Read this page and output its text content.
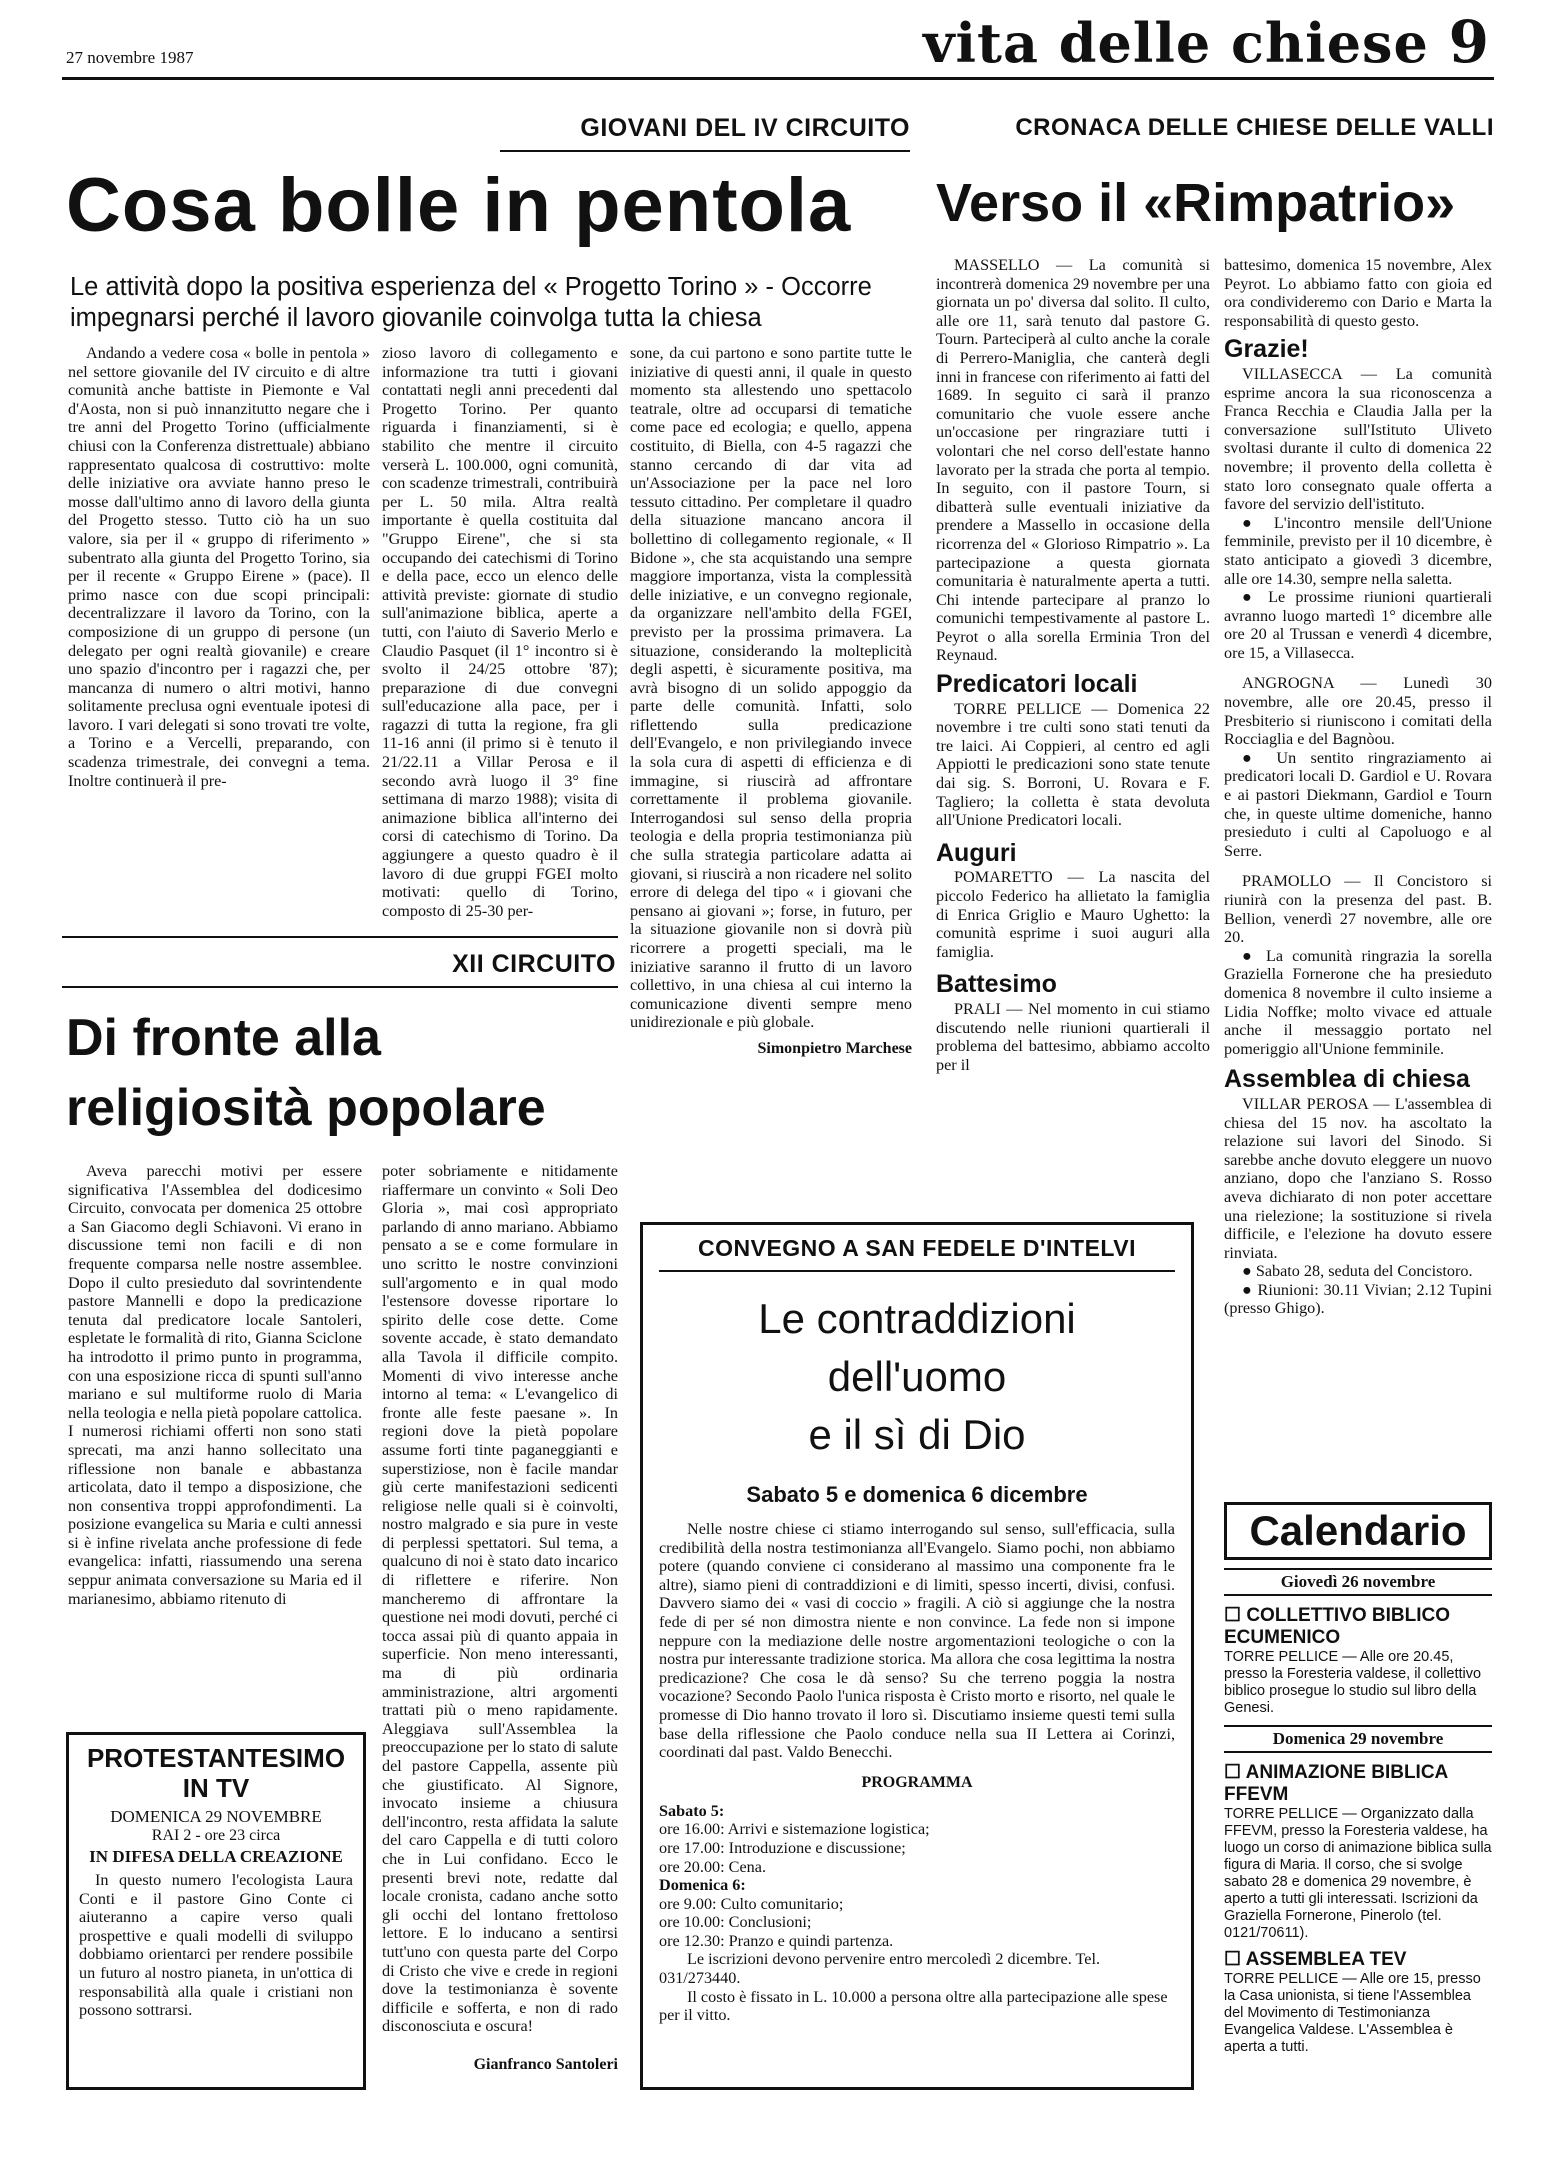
27 novembre 1987	vita delle chiese 9
GIOVANI DEL IV CIRCUITO
Cosa bolle in pentola
Le attività dopo la positiva esperienza del « Progetto Torino » - Occorre impegnarsi perché il lavoro giovanile coinvolga tutta la chiesa

Andando a vedere cosa « bolle in pentola » nel settore giovanile del IV circuito e di altre comunità anche battiste in Piemonte e Val d'Aosta, non si può innanzitutto negare che i tre anni del Progetto Torino (ufficialmente chiusi con la Conferenza distrettuale) abbiano rappresentato qualcosa di costruttivo: molte delle iniziative ora avviate hanno preso le mosse dall'ultimo anno di lavoro della giunta del Progetto stesso. Tutto ciò ha un suo valore, sia per il « gruppo di riferimento » subentrato alla giunta del Progetto Torino, sia per il recente « Gruppo Eirene » (pace). Il primo nasce con due scopi principali: decentralizzare il lavoro da Torino, con la composizione di un gruppo di persone (un delegato per ogni realtà giovanile) e creare uno spazio d'incontro per i ragazzi che, per mancanza di numero o altri motivi, hanno solitamente preclusa ogni eventuale ipotesi di lavoro. I vari delegati si sono trovati tre volte, a Torino e a Vercelli, preparando, con scadenza trimestrale, dei convegni a tema. Inoltre continuerà il pre-

zioso lavoro di collegamento e informazione tra tutti i giovani contattati negli anni precedenti dal Progetto Torino. Per quanto riguarda i finanziamenti, si è stabilito che mentre il circuito verserà L. 100.000, ogni comunità, con scadenze trimestrali, contribuirà per L. 50 mila. Altra realtà importante è quella costituita dal "Gruppo Eirene", che si sta occupando dei catechismi di Torino e della pace, ecco un elenco delle attività previste: giornate di studio sull'animazione biblica, aperte a tutti, con l'aiuto di Saverio Merlo e Claudio Pasquet (il 1° incontro si è svolto il 24/25 ottobre '87); preparazione di due convegni sull'educazione alla pace, per i ragazzi di tutta la regione, fra gli 11-16 anni (il primo si è tenuto il 21/22.11 a Villar Perosa e il secondo avrà luogo il 3° fine settimana di marzo 1988); visita di animazione biblica all'interno dei corsi di catechismo di Torino. Da aggiungere a questo quadro è il lavoro di due gruppi FGEI molto motivati: quello di Torino, composto di 25-30 per-

sone, da cui partono e sono partite tutte le iniziative di questi anni, il quale in questo momento sta allestendo uno spettacolo teatrale, oltre ad occuparsi di tematiche come pace ed ecologia; e quello, appena costituito, di Biella, con 4-5 ragazzi che stanno cercando di dar vita ad un'Associazione per la pace nel loro tessuto cittadino. Per completare il quadro della situazione mancano ancora il bollettino di collegamento regionale, « Il Bidone », che sta acquistando una sempre maggiore importanza, vista la complessità delle iniziative, e un convegno regionale, da organizzare nell'ambito della FGEI, previsto per la prossima primavera. La situazione, considerando la molteplicità degli aspetti, è sicuramente positiva, ma avrà bisogno di un solido appoggio da parte delle comunità. Infatti, solo riflettendo sulla predicazione dell'Evangelo, e non privilegiando invece la sola cura di aspetti di efficienza e di immagine, si riuscirà ad affrontare correttamente il problema giovanile. Interrogandosi sul senso della propria teologia e della propria testimonianza più che sulla strategia particolare adatta ai giovani, si riuscirà a non ricadere nel solito errore di delega del tipo « i giovani che pensano ai giovani »; forse, in futuro, per la situazione giovanile non si dovrà più ricorrere a progetti speciali, ma le iniziative saranno il frutto di un lavoro collettivo, in una chiesa al cui interno la comunicazione diventi sempre meno unidirezionale e più globale.

Simonpietro Marchese
XII CIRCUITO
Di fronte alla
religiosità popolare

Aveva parecchi motivi per essere significativa l'Assemblea del dodicesimo Circuito, convocata per domenica 25 ottobre a San Giacomo degli Schiavoni. Vi erano in discussione temi non facili e di non frequente comparsa nelle nostre assemblee. Dopo il culto presieduto dal sovrintendente pastore Mannelli e dopo la predicazione tenuta dal predicatore locale Santoleri, espletate le formalità di rito, Gianna Sciclone ha introdotto il primo punto in programma, con una esposizione ricca di spunti sull'anno mariano e sul multiforme ruolo di Maria nella teologia e nella pietà popolare cattolica. I numerosi richiami offerti non sono stati sprecati, ma anzi hanno sollecitato una riflessione non banale e abbastanza articolata, dato il tempo a disposizione, che non consentiva troppi approfondimenti. La posizione evangelica su Maria e culti annessi si è infine rivelata anche professione di fede evangelica: infatti, riassumendo una serena seppur animata conversazione su Maria ed il marianesimo, abbiamo ritenuto di

poter sobriamente e nitidamente riaffermare un convinto « Soli Deo Gloria », mai così appropriato parlando di anno mariano. Abbiamo pensato a se e come formulare in uno scritto le nostre convinzioni sull'argomento e in qual modo l'estensore dovesse riportare lo spirito delle cose dette. Come sovente accade, è stato demandato alla Tavola il difficile compito. Momenti di vivo interesse anche intorno al tema: « L'evangelico di fronte alle feste paesane ». In regioni dove la pietà popolare assume forti tinte paganeggianti e superstiziose, non è facile mandar giù certe manifestazioni sedicenti religiose nelle quali si è coinvolti, nostro malgrado e sia pure in veste di perplessi spettatori. Sul tema, a qualcuno di noi è stato dato incarico di riflettere e riferire. Non mancheremo di affrontare la questione nei modi dovuti, perché ci tocca assai più di quanto appaia in superficie. Non meno interessanti, ma di più ordinaria amministrazione, altri argomenti trattati più o meno rapidamente. Aleggiava sull'Assemblea la preoccupazione per lo stato di salute del pastore Cappella, assente più che giustificato. Al Signore, invocato insieme a chiusura dell'incontro, resta affidata la salute del caro Cappella e di tutti coloro che in Lui confidano. Ecco le presenti brevi note, redatte dal locale cronista, cadano anche sotto gli occhi del lontano frettoloso lettore. E lo inducano a sentirsi tutt'uno con questa parte del Corpo di Cristo che vive e crede in regioni dove la testimonianza è sovente difficile e sofferta, e non di rado disconosciuta e oscura!

Gianfranco Santoleri
PROTESTANTESIMO IN TV
DOMENICA 29 NOVEMBRE
RAI 2 - ore 23 circa
IN DIFESA DELLA CREAZIONE
In questo numero l'ecologista Laura Conti e il pastore Gino Conte ci aiuteranno a capire verso quali prospettive e quali modelli di sviluppo dobbiamo orientarci per rendere possibile un futuro al nostro pianeta, in un'ottica di responsabilità alla quale i cristiani non possono sottrarsi.
CONVEGNO A SAN FEDELE D'INTELVI
Le contraddizioni
dell'uomo
e il sì di Dio
Sabato 5 e domenica 6 dicembre
Nelle nostre chiese ci stiamo interrogando sul senso, sull'efficacia, sulla credibilità della nostra testimonianza all'Evangelo. Siamo pochi, non abbiamo potere (quando conviene ci considerano al massimo una componente fra le altre), siamo pieni di contraddizioni e di limiti, spesso incerti, divisi, confusi. Davvero siamo dei « vasi di coccio » fragili. A ciò si aggiunge che la nostra fede di per sé non dimostra niente e non convince. La fede non si impone neppure con la mediazione delle nostre argomentazioni teologiche o con la nostra pur interessante tradizione storica. Ma allora che cosa legittima la nostra predicazione? Che cosa le dà senso? Su che terreno poggia la nostra vocazione? Secondo Paolo l'unica risposta è Cristo morto e risorto, nel quale le promesse di Dio hanno trovato il loro sì. Discutiamo insieme questi temi sulla base della riflessione che Paolo conduce nella sua II Lettera ai Corinzi, coordinati dal past. Valdo Benecchi.
PROGRAMMA
Sabato 5:
ore 16.00: Arrivi e sistemazione logistica;
ore 17.00: Introduzione e discussione;
ore 20.00: Cena.
Domenica 6:
ore 9.00: Culto comunitario;
ore 10.00: Conclusioni;
ore 12.30: Pranzo e quindi partenza.
Le iscrizioni devono pervenire entro mercoledì 2 dicembre. Tel. 031/273440.
Il costo è fissato in L. 10.000 a persona oltre alla partecipazione alle spese per il vitto.
CRONACA DELLE CHIESE DELLE VALLI
Verso il «Rimpatrio»

MASSELLO — La comunità si incontrerà domenica 29 novembre per una giornata un po' diversa dal solito. Il culto, alle ore 11, sarà tenuto dal pastore G. Tourn. Parteciperà al culto anche la corale di Perrero-Maniglia, che canterà degli inni in francese con riferimento ai fatti del 1689. In seguito ci sarà il pranzo comunitario che vuole essere anche un'occasione per ringraziare tutti i volontari che nel corso dell'estate hanno lavorato per la strada che porta al tempio. In seguito, con il pastore Tourn, si dibatterà sulle eventuali iniziative da prendere a Massello in occasione della ricorrenza del « Glorioso Rimpatrio ». La partecipazione a questa giornata comunitaria è naturalmente aperta a tutti. Chi intende partecipare al pranzo lo comunichi tempestivamente al pastore L. Peyrot o alla sorella Erminia Tron del Reynaud.

Predicatori locali

TORRE PELLICE — Domenica 22 novembre i tre culti sono stati tenuti da tre laici. Ai Coppieri, al centro ed agli Appiotti le predicazioni sono state tenute dai sig. S. Borroni, U. Rovara e F. Tagliero; la colletta è stata devoluta all'Unione Predicatori locali.

Auguri

POMARETTO — La nascita del piccolo Federico ha allietato la famiglia di Enrica Griglio e Mauro Ughetto: la comunità esprime i suoi auguri alla famiglia.

Battesimo

PRALI — Nel momento in cui stiamo discutendo nelle riunioni quartierali il problema del battesimo, abbiamo accolto per il

battesimo, domenica 15 novembre, Alex Peyrot. Lo abbiamo fatto con gioia ed ora condivideremo con Dario e Marta la responsabilità di questo gesto.

Grazie!

VILLASECCA — La comunità esprime ancora la sua riconoscenza a Franca Recchia e Claudia Jalla per la conversazione sull'Istituto Uliveto svoltasi durante il culto di domenica 22 novembre; il provento della colletta è stato loro consegnato quale offerta a favore del servizio dell'istituto.

● L'incontro mensile dell'Unione femminile, previsto per il 10 dicembre, è stato anticipato a giovedì 3 dicembre, alle ore 14.30, sempre nella saletta.

● Le prossime riunioni quartierali avranno luogo martedì 1° dicembre alle ore 20 al Trussan e venerdì 4 dicembre, ore 15, a Villasecca.

ANGROGNA — Lunedì 30 novembre, alle ore 20.45, presso il Presbiterio si riuniscono i comitati della Rocciaglia e del Bagnòou.

● Un sentito ringraziamento ai predicatori locali D. Gardiol e U. Rovara e ai pastori Diekmann, Gardiol e Tourn che, in queste ultime domeniche, hanno presieduto i culti al Capoluogo e al Serre.

PRAMOLLO — Il Concistoro si riunirà con la presenza del past. B. Bellion, venerdì 27 novembre, alle ore 20.

● La comunità ringrazia la sorella Graziella Fornerone che ha presieduto domenica 8 novembre il culto insieme a Lidia Noffke; molto vivace ed attuale anche il messaggio portato nel pomeriggio all'Unione femminile.

Assemblea di chiesa

VILLAR PEROSA — L'assemblea di chiesa del 15 nov. ha ascoltato la relazione sui lavori del Sinodo. Si sarebbe anche dovuto eleggere un nuovo anziano, dopo che l'anziano S. Rosso aveva dichiarato di non poter accettare una rielezione; la sostituzione si rivela difficile, e l'elezione ha dovuto essere rinviata.

● Sabato 28, seduta del Concistoro.

● Riunioni: 30.11 Vivian; 2.12 Tupini (presso Ghigo).

Calendario
Giovedì 26 novembre
☐ COLLETTIVO BIBLICO ECUMENICO
TORRE PELLICE — Alle ore 20.45, presso la Foresteria valdese, il collettivo biblico prosegue lo studio sul libro della Genesi.
Domenica 29 novembre
☐ ANIMAZIONE BIBLICA FFEVM
TORRE PELLICE — Organizzato dalla FFEVM, presso la Foresteria valdese, ha luogo un corso di animazione biblica sulla figura di Maria. Il corso, che si svolge sabato 28 e domenica 29 novembre, è aperto a tutti gli interessati. Iscrizioni da Graziella Fornerone, Pinerolo (tel. 0121/70611).
☐ ASSEMBLEA TEV
TORRE PELLICE — Alle ore 15, presso la Casa unionista, si tiene l'Assemblea del Movimento di Testimonianza Evangelica Valdese. L'Assemblea è aperta a tutti.
